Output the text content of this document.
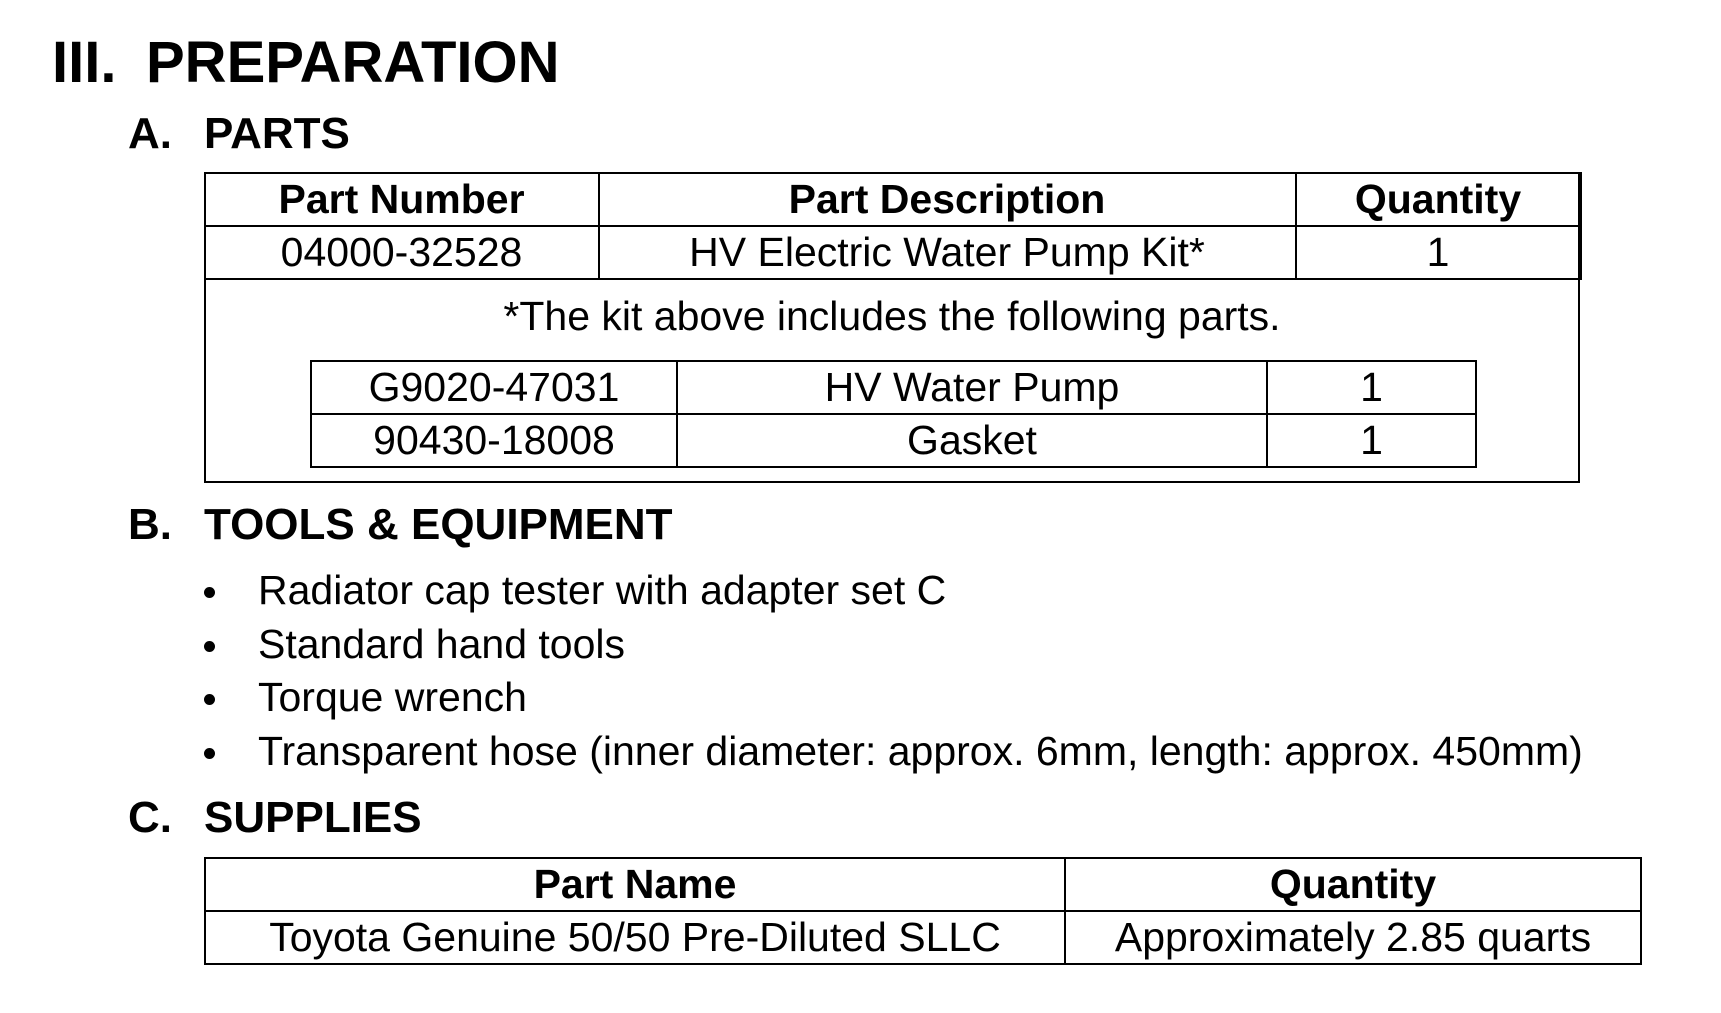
III. PREPARATION
A. PARTS
Part Number	Part Description	Quantity
04000-32528	HV Electric Water Pump Kit*	1
*The kit above includes the following parts.
G9020-47031	HV Water Pump	1
90430-18008	Gasket	1
B. TOOLS & EQUIPMENT
Radiator cap tester with adapter set C
Standard hand tools
Torque wrench
Transparent hose (inner diameter: approx. 6mm, length: approx. 450mm)
C. SUPPLIES
Part Name	Quantity
Toyota Genuine 50/50 Pre-Diluted SLLC	Approximately 2.85 quarts
